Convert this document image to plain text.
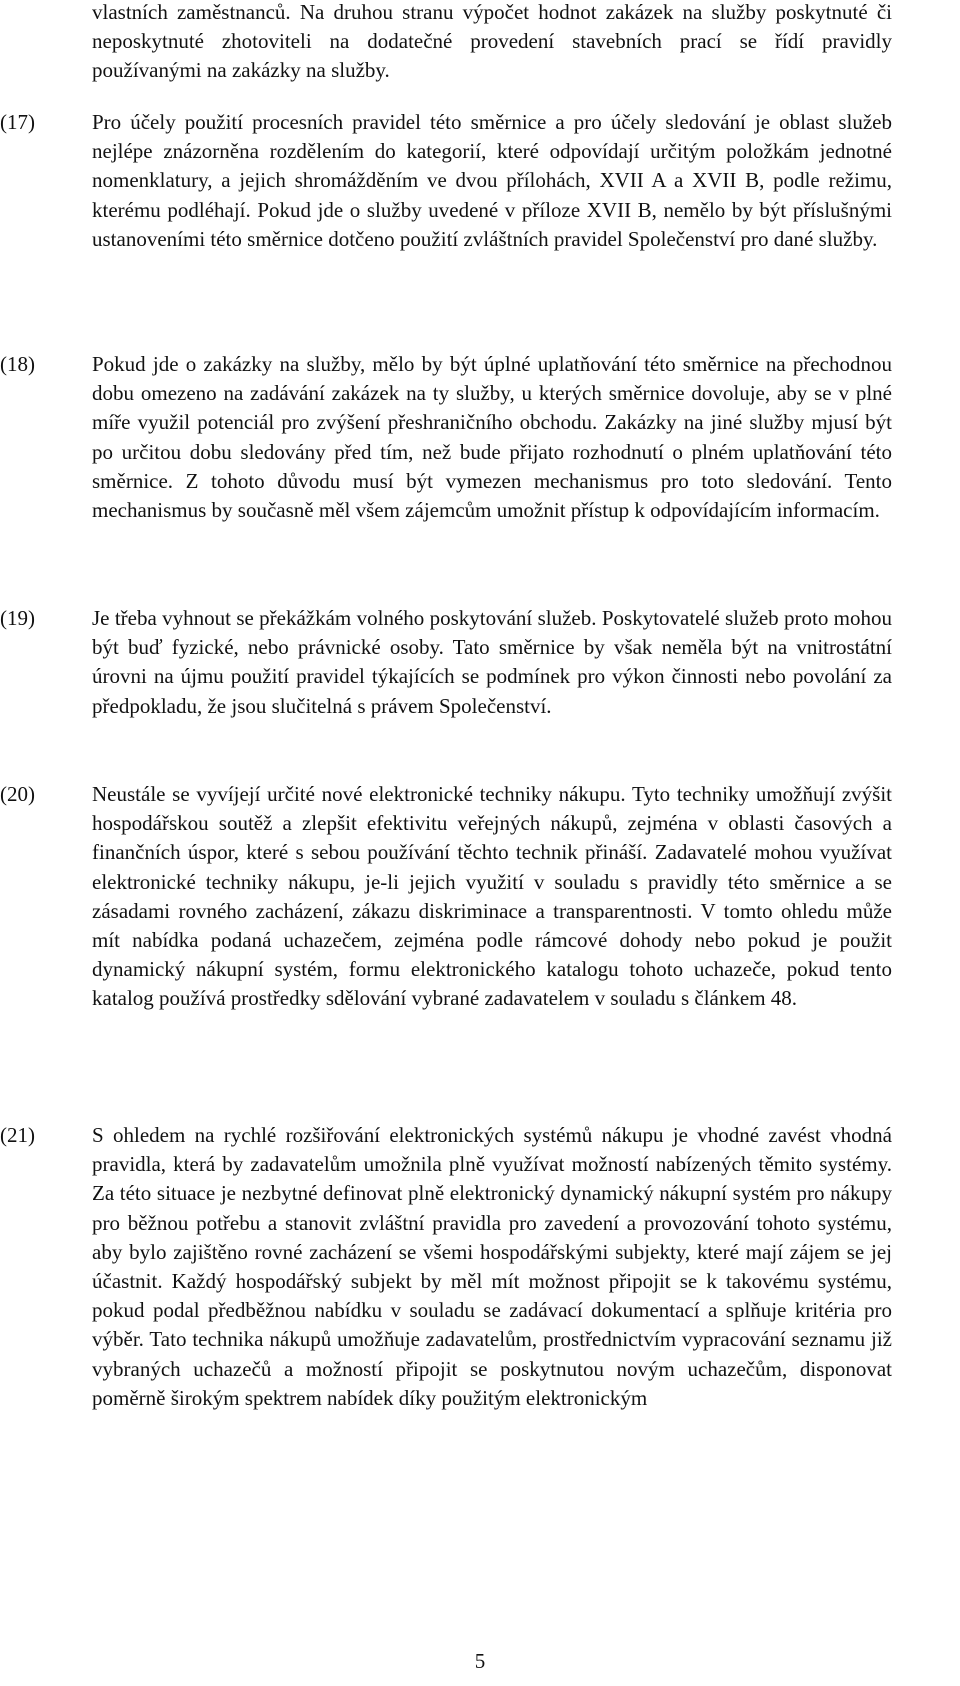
vlastních zaměstnanců. Na druhou stranu výpočet hodnot zakázek na služby poskytnuté či neposkytnuté zhotoviteli na dodatečné provedení stavebních prací se řídí pravidly používanými na zakázky na služby.
(17)	Pro účely použití procesních pravidel této směrnice a pro účely sledování je oblast služeb nejlépe znázorněna rozdělením do kategorií, které odpovídají určitým položkám jednotné nomenklatury, a jejich shromážděním ve dvou přílohách, XVII A a XVII B, podle režimu, kterému podléhají. Pokud jde o služby uvedené v příloze XVII B, nemělo by být příslušnými ustanoveními této směrnice dotčeno použití zvláštních pravidel Společenství pro dané služby.
(18)	Pokud jde o zakázky na služby, mělo by být úplné uplatňování této směrnice na přechodnou dobu omezeno na zadávání zakázek na ty služby, u kterých směrnice dovoluje, aby se v plné míře využil potenciál pro zvýšení přeshraničního obchodu. Zakázky na jiné služby mjusí být po určitou dobu sledovány před tím, než bude přijato rozhodnutí o plném uplatňování této směrnice. Z tohoto důvodu musí být vymezen mechanismus pro toto sledování. Tento mechanismus by současně měl všem zájemcům umožnit přístup k odpovídajícím informacím.
(19)	Je třeba vyhnout se překážkám volného poskytování služeb. Poskytovatelé služeb proto mohou být buď fyzické, nebo právnické osoby. Tato směrnice by však neměla být na vnitrostátní úrovni na újmu použití pravidel týkajících se podmínek pro výkon činnosti nebo povolání za předpokladu, že jsou slučitelná s právem Společenství.
(20)	Neustále se vyvíjejí určité nové elektronické techniky nákupu. Tyto techniky umožňují zvýšit hospodářskou soutěž a zlepšit efektivitu veřejných nákupů, zejména v oblasti časových a finančních úspor, které s sebou používání těchto technik přináší. Zadavatelé mohou využívat elektronické techniky nákupu, je-li jejich využití v souladu s pravidly této směrnice a se zásadami rovného zacházení, zákazu diskriminace a transparentnosti. V tomto ohledu může mít nabídka podaná uchazečem, zejména podle rámcové dohody nebo pokud je použit dynamický nákupní systém, formu elektronického katalogu tohoto uchazeče, pokud tento katalog používá prostředky sdělování vybrané zadavatelem v souladu s článkem 48.
(21)	S ohledem na rychlé rozšiřování elektronických systémů nákupu je vhodné zavést vhodná pravidla, která by zadavatelům umožnila plně využívat možností nabízených těmito systémy. Za této situace je nezbytné definovat plně elektronický dynamický nákupní systém pro nákupy pro běžnou potřebu a stanovit zvláštní pravidla pro zavedení a provozování tohoto systému, aby bylo zajištěno rovné zacházení se všemi hospodářskými subjekty, které mají zájem se jej účastnit. Každý hospodářský subjekt by měl mít možnost připojit se k takovému systému, pokud podal předběžnou nabídku v souladu se zadávací dokumentací a splňuje kritéria pro výběr. Tato technika nákupů umožňuje zadavatelům, prostřednictvím vypracování seznamu již vybraných uchazečů a možností připojit se poskytnutou novým uchazečům, disponovat poměrně širokým spektrem nabídek díky použitým elektronickým
5
